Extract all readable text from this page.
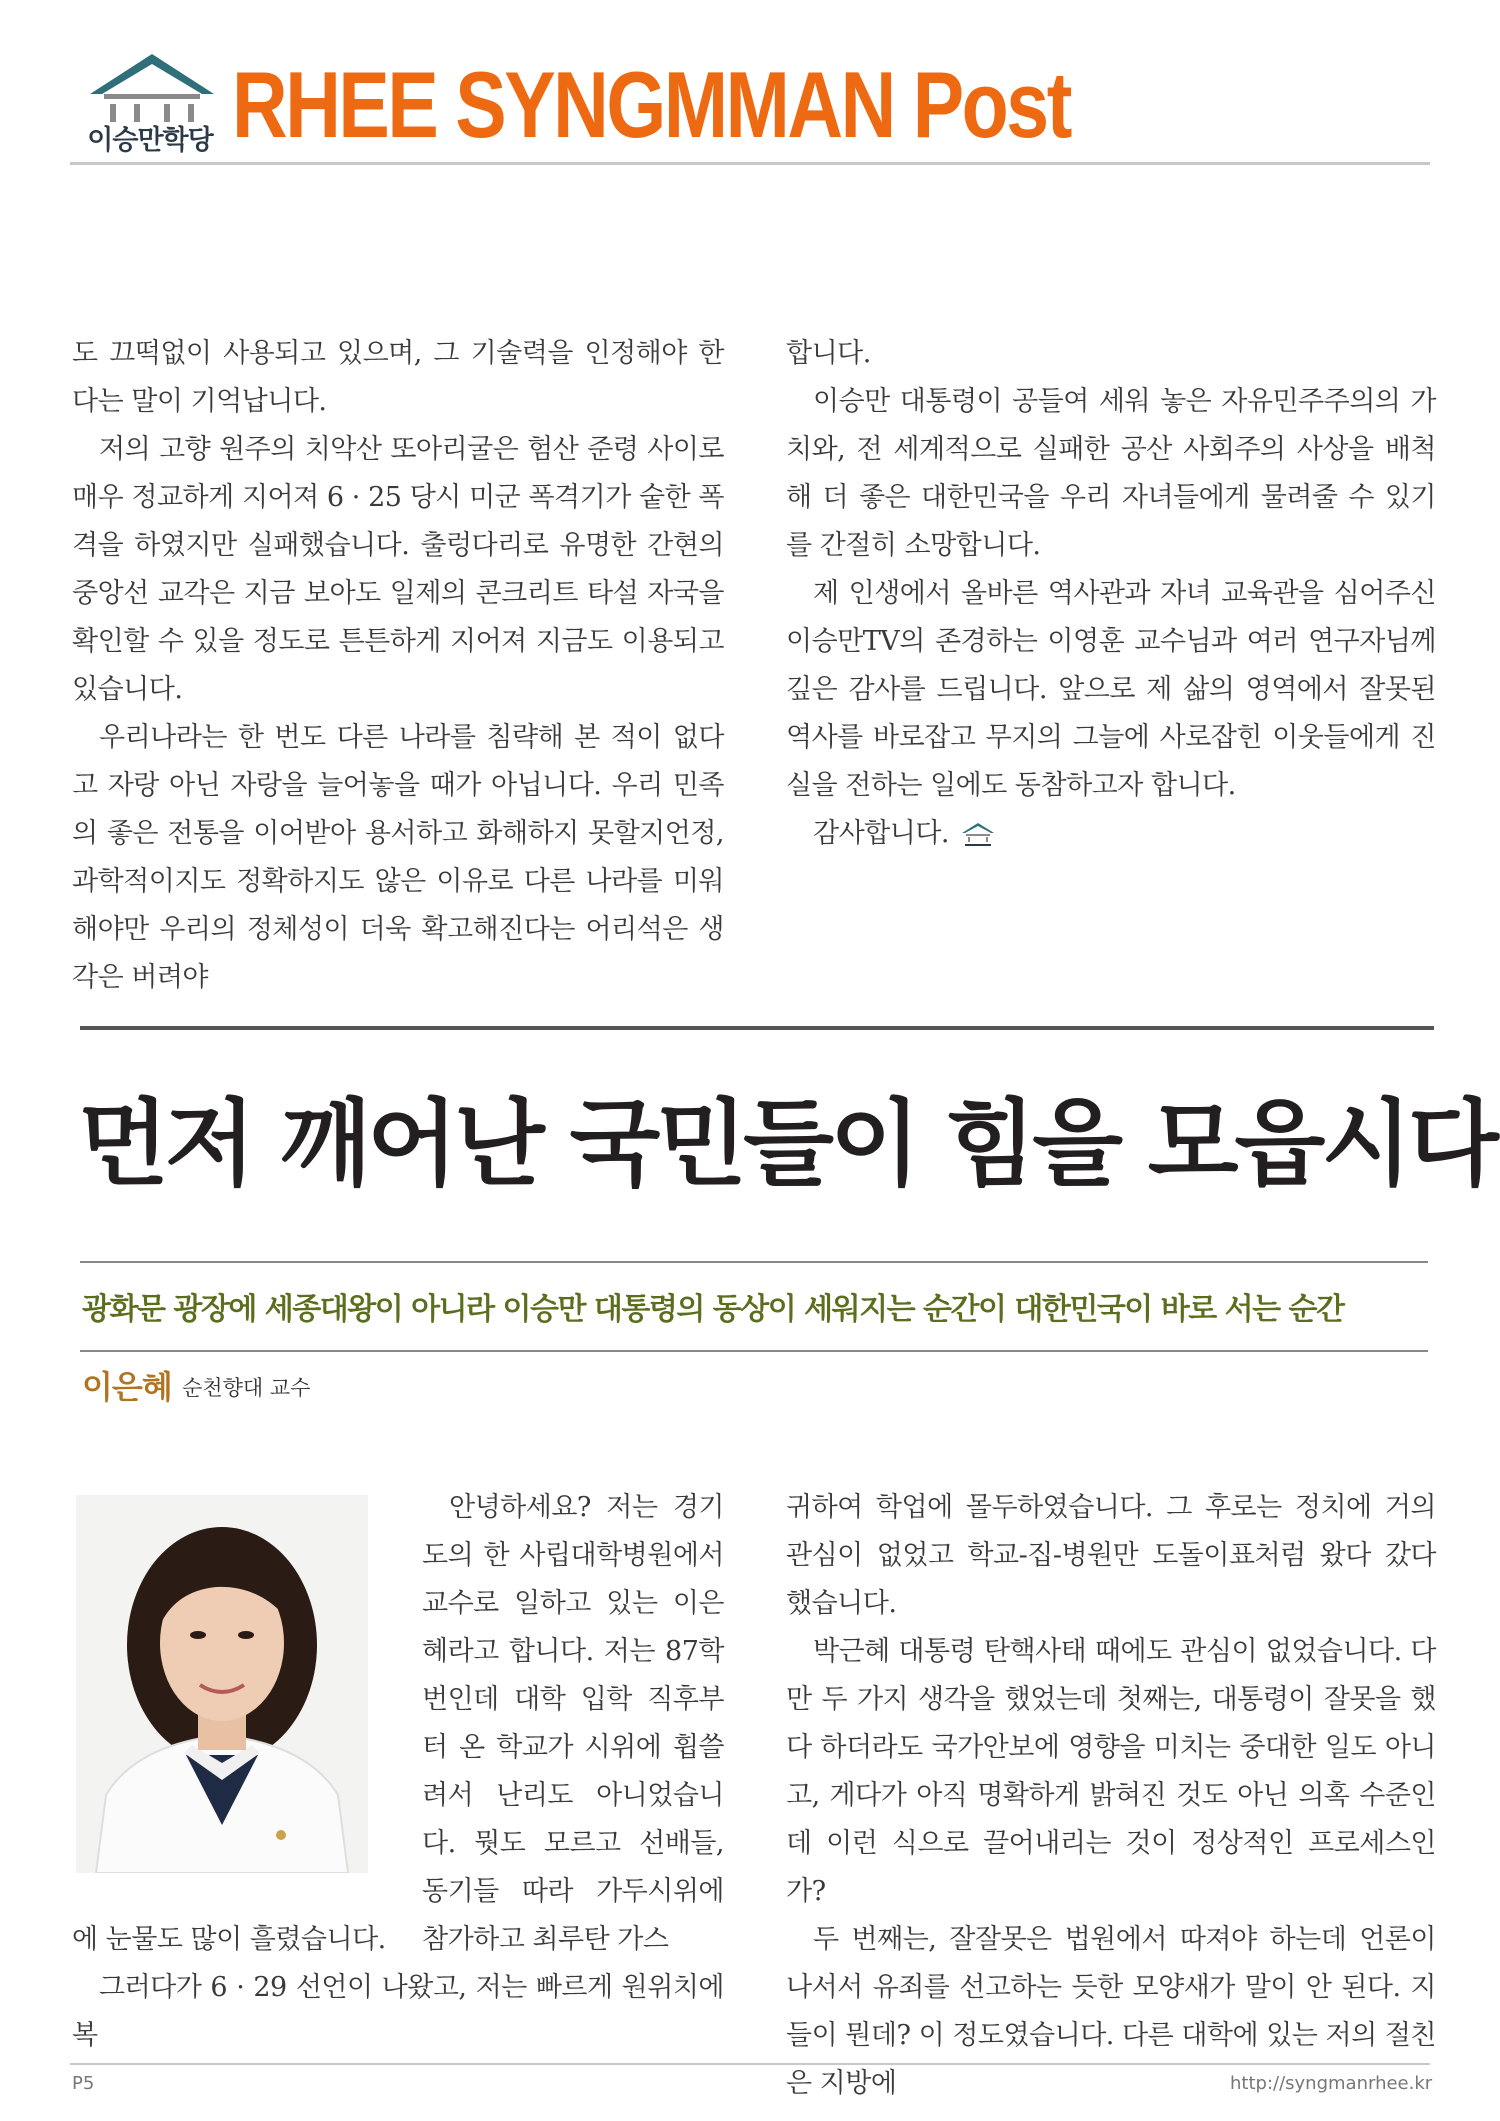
이승만학당 RHEE SYNGMMAN Post

도 끄떡없이 사용되고 있으며, 그 기술력을 인정해야 한다는 말이 기억납니다.

저의 고향 원주의 치악산 또아리굴은 험산 준령 사이로 매우 정교하게 지어져 6 · 25 당시 미군 폭격기가 숱한 폭격을 하였지만 실패했습니다. 출렁다리로 유명한 간현의 중앙선 교각은 지금 보아도 일제의 콘크리트 타설 자국을 확인할 수 있을 정도로 튼튼하게 지어져 지금도 이용되고 있습니다.

우리나라는 한 번도 다른 나라를 침략해 본 적이 없다고 자랑 아닌 자랑을 늘어놓을 때가 아닙니다. 우리 민족의 좋은 전통을 이어받아 용서하고 화해하지 못할지언정, 과학적이지도 정확하지도 않은 이유로 다른 나라를 미워해야만 우리의 정체성이 더욱 확고해진다는 어리석은 생각은 버려야

합니다.

이승만 대통령이 공들여 세워 놓은 자유민주주의의 가치와, 전 세계적으로 실패한 공산 사회주의 사상을 배척해 더 좋은 대한민국을 우리 자녀들에게 물려줄 수 있기를 간절히 소망합니다.

제 인생에서 올바른 역사관과 자녀 교육관을 심어주신 이승만TV의 존경하는 이영훈 교수님과 여러 연구자님께 깊은 감사를 드립니다. 앞으로 제 삶의 영역에서 잘못된 역사를 바로잡고 무지의 그늘에 사로잡힌 이웃들에게 진실을 전하는 일에도 동참하고자 합니다.

감사합니다.

먼저 깨어난 국민들이 힘을 모읍시다
광화문 광장에 세종대왕이 아니라 이승만 대통령의 동상이 세워지는 순간이 대한민국이 바로 서는 순간
이은혜 순천향대 교수

안녕하세요? 저는 경기도의 한 사립대학병원에서 교수로 일하고 있는 이은혜라고 합니다. 저는 87학번인데 대학 입학 직후부터 온 학교가 시위에 휩쓸려서 난리도 아니었습니다. 뭣도 모르고 선배들, 동기들 따라 가두시위에 참가하고 최루탄 가스

에 눈물도 많이 흘렸습니다.

그러다가 6 · 29 선언이 나왔고, 저는 빠르게 원위치에 복

귀하여 학업에 몰두하였습니다. 그 후로는 정치에 거의 관심이 없었고 학교-집-병원만 도돌이표처럼 왔다 갔다 했습니다.

박근혜 대통령 탄핵사태 때에도 관심이 없었습니다. 다만 두 가지 생각을 했었는데 첫째는, 대통령이 잘못을 했다 하더라도 국가안보에 영향을 미치는 중대한 일도 아니고, 게다가 아직 명확하게 밝혀진 것도 아닌 의혹 수준인데 이런 식으로 끌어내리는 것이 정상적인 프로세스인가?

두 번째는, 잘잘못은 법원에서 따져야 하는데 언론이 나서서 유죄를 선고하는 듯한 모양새가 말이 안 된다. 지들이 뭔데? 이 정도였습니다. 다른 대학에 있는 저의 절친은 지방에

P5	http://syngmanrhee.kr
